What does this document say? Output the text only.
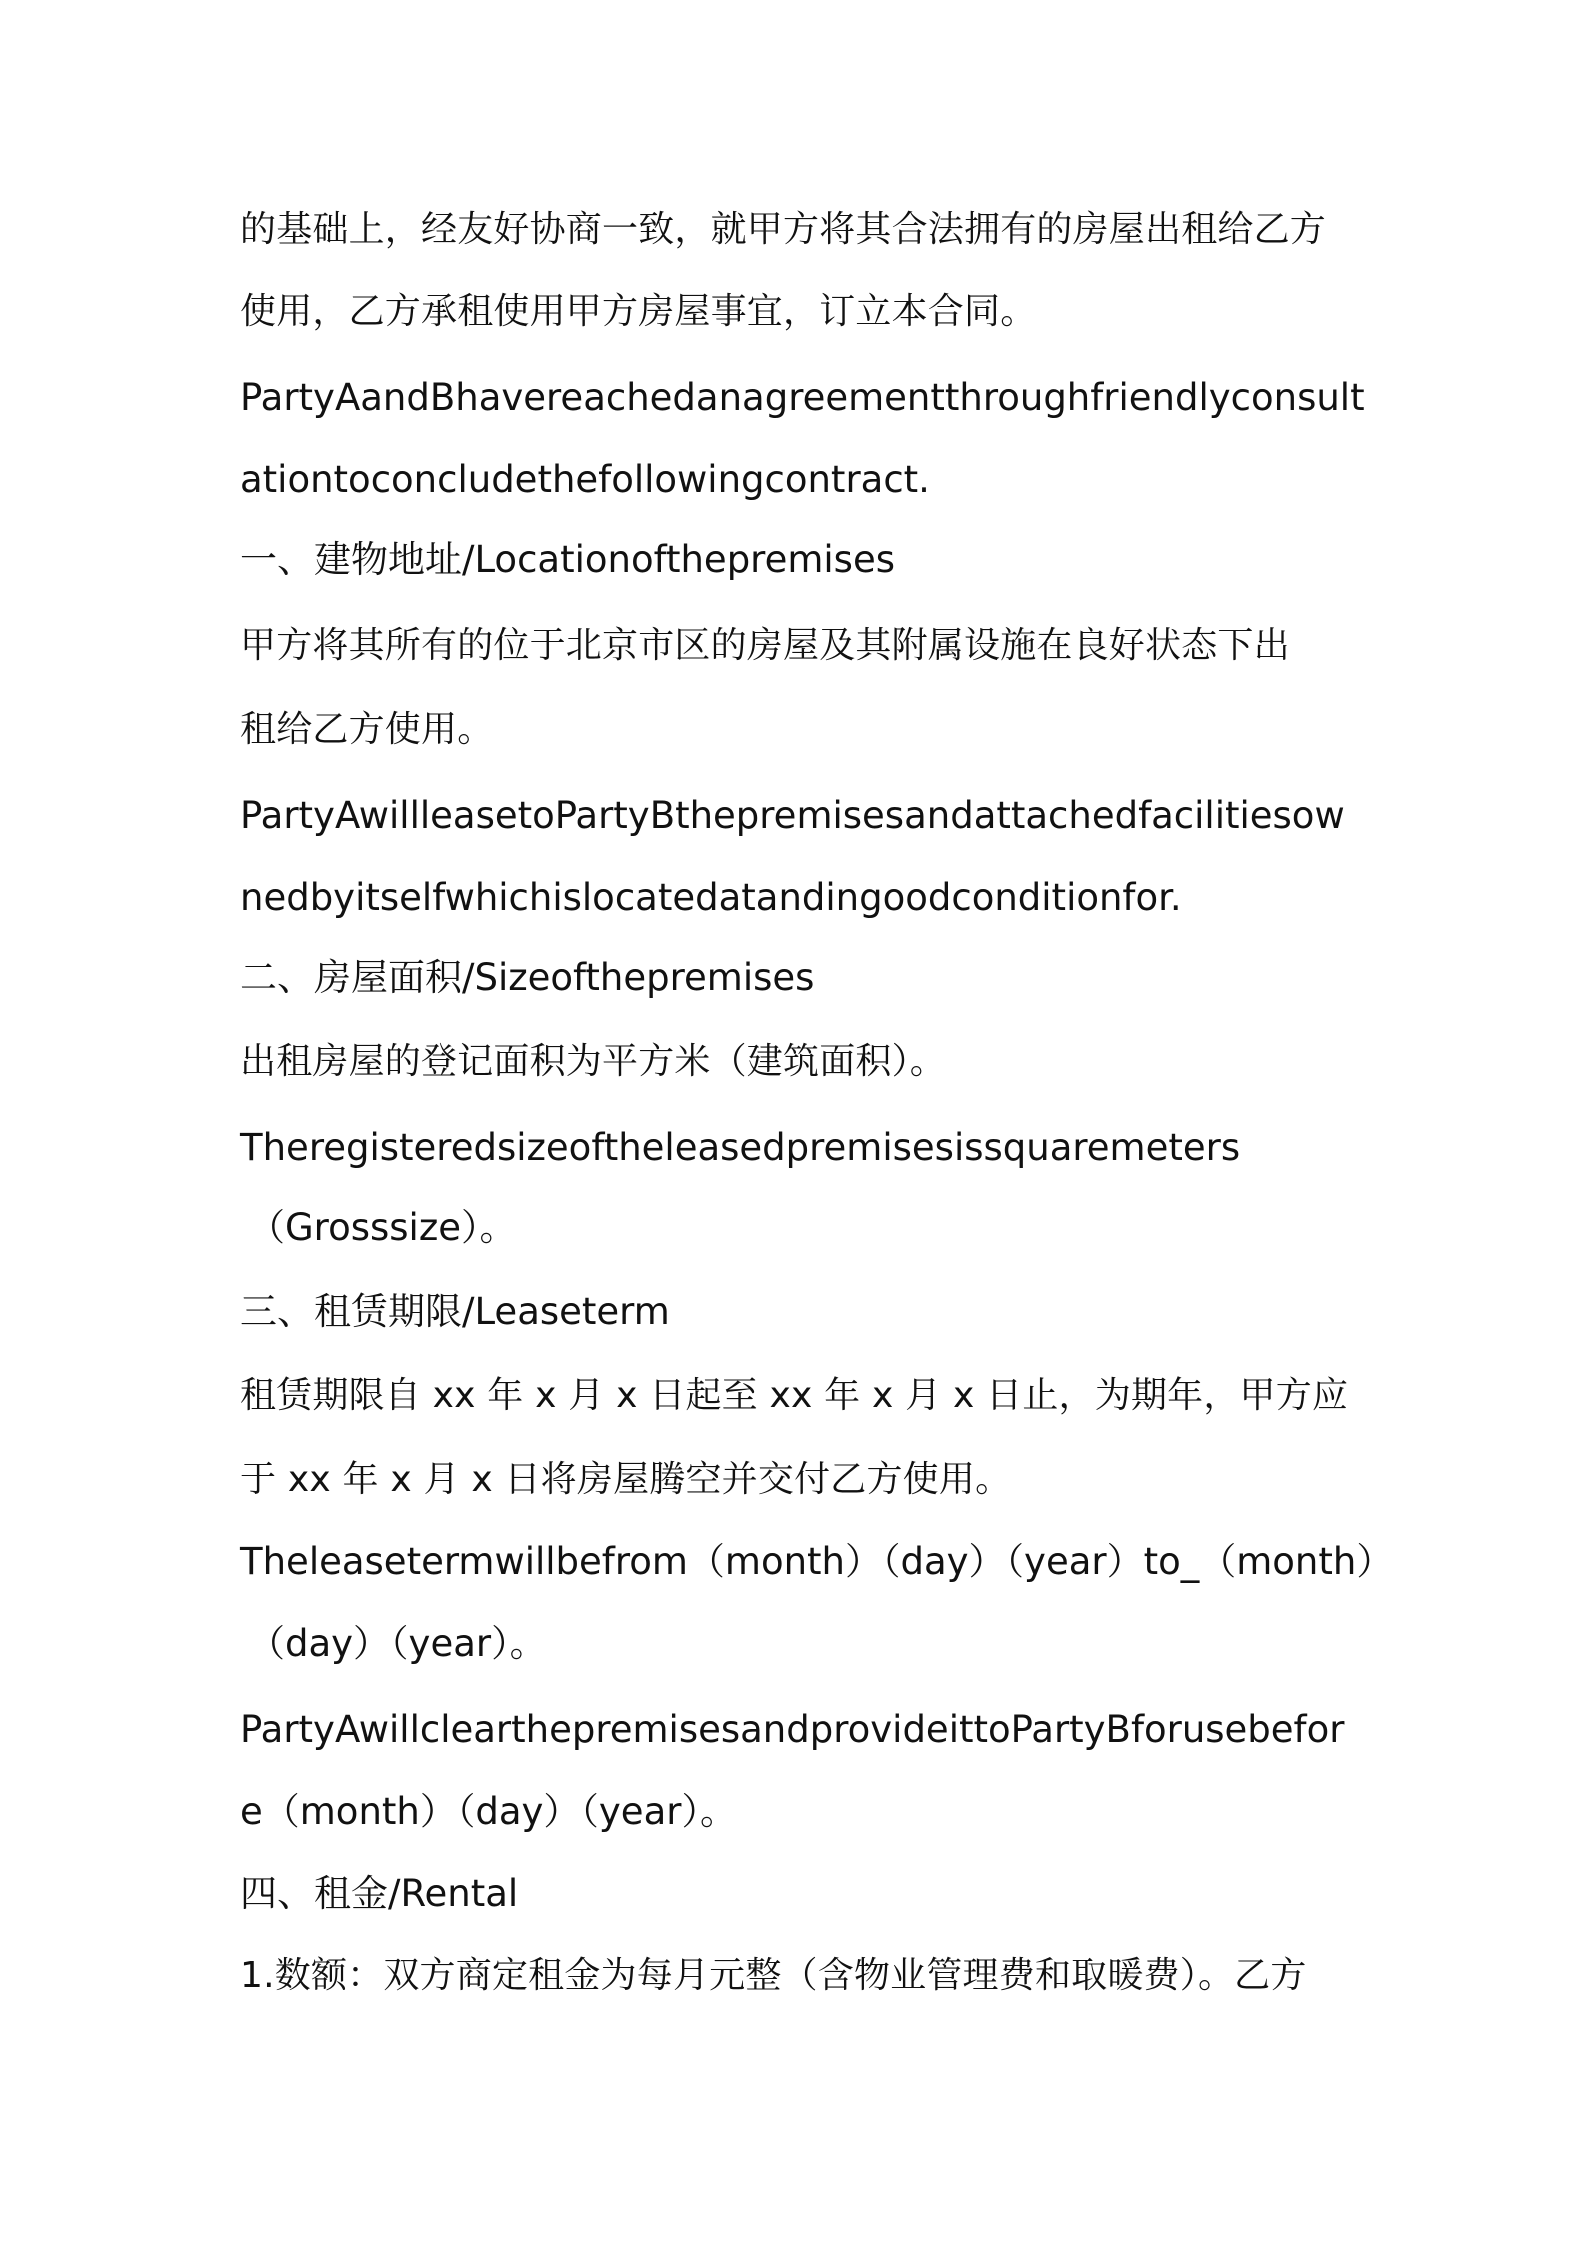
的基础上，经友好协商一致，就甲方将其合法拥有的房屋出租给乙方
使用，乙方承租使用甲方房屋事宜，订立本合同。
PartyAandBhavereachedanagreementthroughfriendlyconsult
ationtoconcludethefollowingcontract.
一、建物地址/Locationofthepremises
甲方将其所有的位于北京市区的房屋及其附属设施在良好状态下出
租给乙方使用。
PartyAwillleasetoPartyBthepremisesandattachedfacilitiesow
nedbyitselfwhichislocatedatandingoodconditionfor.
二、房屋面积/Sizeofthepremises
出租房屋的登记面积为平方米（建筑面积）。
Theregisteredsizeoftheleasedpremisesissquaremeters
（Grosssize）。
三、租赁期限/Leaseterm
租赁期限自 xx 年 x 月 x 日起至 xx 年 x 月 x 日止，为期年，甲方应
于 xx 年 x 月 x 日将房屋腾空并交付乙方使用。
Theleasetermwillbefrom（month）（day）（year）to_（month）
（day）（year）。
PartyAwillclearthepremisesandprovideittoPartyBforusebefor
e（month）（day）（year）。
四、租金/Rental
1.数额：双方商定租金为每月元整（含物业管理费和取暖费）。乙方
